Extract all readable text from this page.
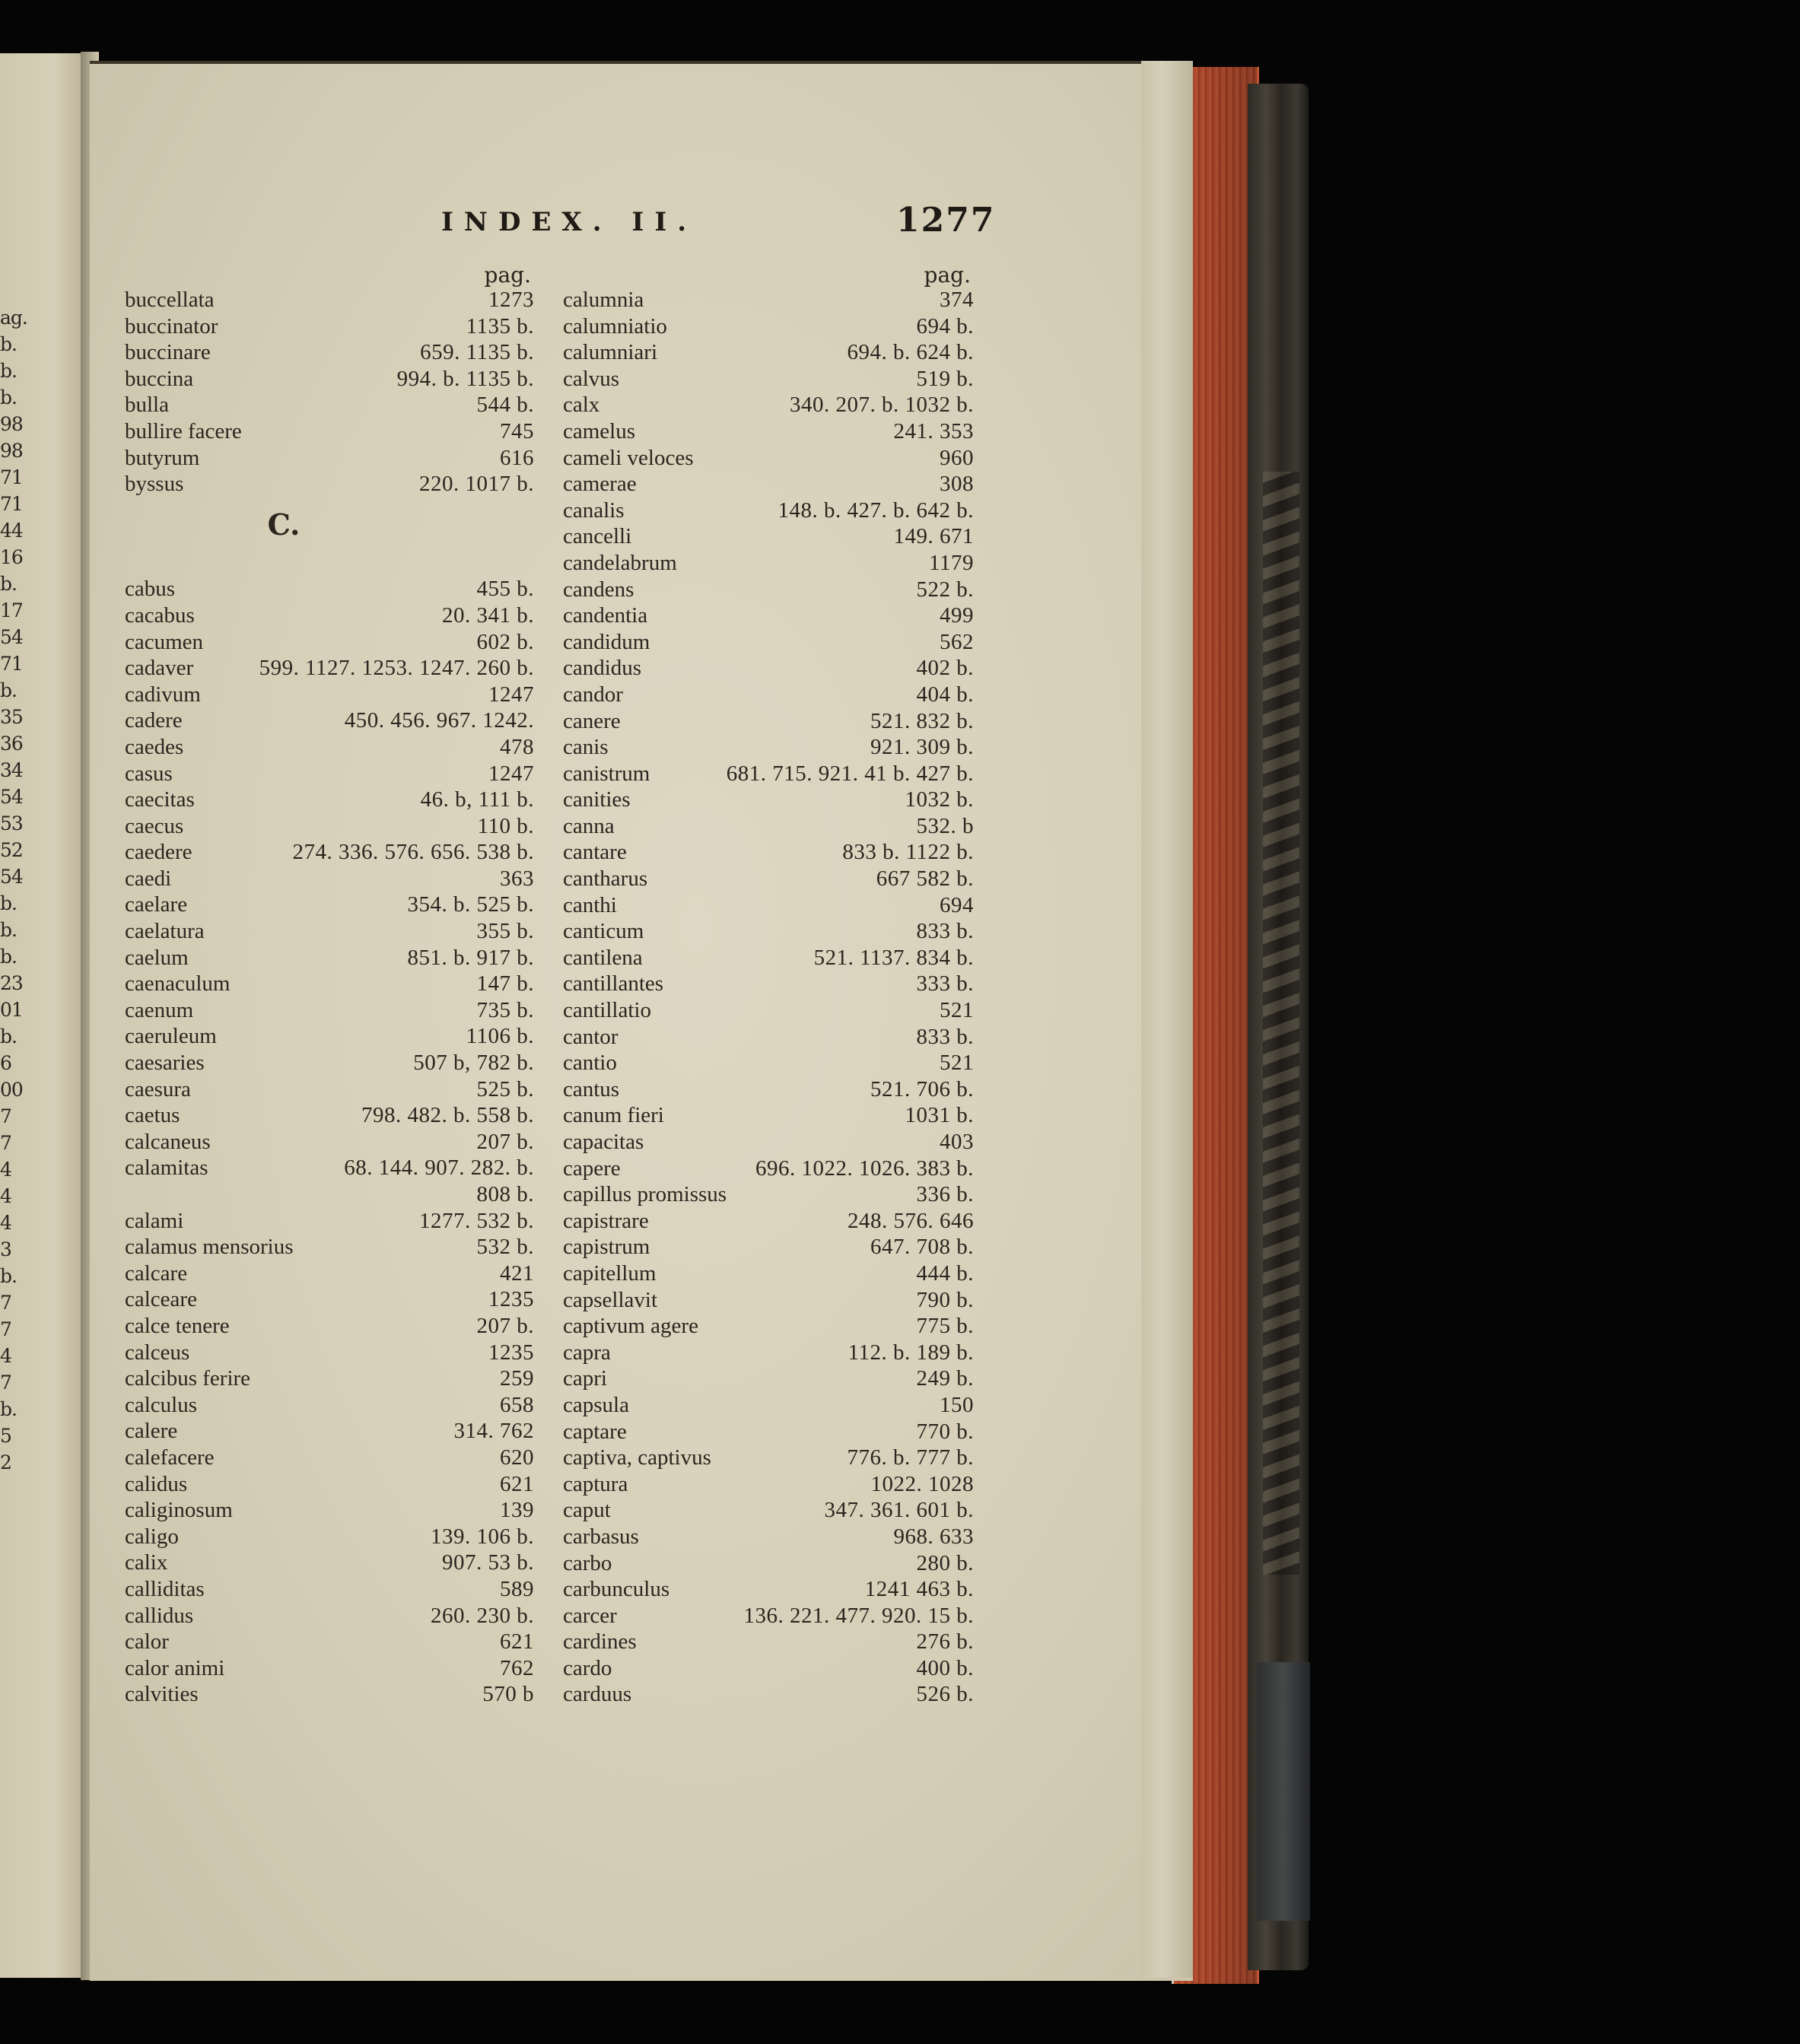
ag.
b.
b.
b.
98
98
71
71
44
16
b.
17
54
71
b.
35
36
34
54
53
52
54
b.
b.
b.
23
01
b.
6
00
7
7
4
4
4
3
b.
7
7
4
7
b.
5
2
INDEX. II.	1277
pag.
buccellata	1273
buccinator	1135 b.
buccinare	659. 1135 b.
buccina	994. b. 1135 b.
bulla	544 b.
bullire facere	745
butyrum	616
byssus	220. 1017 b.
C.
cabus	455 b.
cacabus	20. 341 b.
cacumen	602 b.
cadaver	599. 1127. 1253. 1247. 260 b.
cadivum	1247
cadere	450. 456. 967. 1242.
caedes	478
casus	1247
caecitas	46. b, 111 b.
caecus	110 b.
caedere	274. 336. 576. 656. 538 b.
caedi	363
caelare	354. b. 525 b.
caelatura	355 b.
caelum	851. b. 917 b.
caenaculum	147 b.
caenum	735 b.
caeruleum	1106 b.
caesaries	507 b, 782 b.
caesura	525 b.
caetus	798. 482. b. 558 b.
calcaneus	207 b.
calamitas	68. 144. 907. 282. b.
808 b.
calami	1277. 532 b.
calamus mensorius	532 b.
calcare	421
calceare	1235
calce tenere	207 b.
calceus	1235
calcibus ferire	259
calculus	658
calere	314. 762
calefacere	620
calidus	621
caliginosum	139
caligo	139. 106 b.
calix	907. 53 b.
calliditas	589
callidus	260. 230 b.
calor	621
calor animi	762
calvities	570 b
pag.
calumnia	374
calumniatio	694 b.
calumniari	694. b. 624 b.
calvus	519 b.
calx	340. 207. b. 1032 b.
camelus	241. 353
cameli veloces	960
camerae	308
canalis	148. b. 427. b. 642 b.
cancelli	149. 671
candelabrum	1179
candens	522 b.
candentia	499
candidum	562
candidus	402 b.
candor	404 b.
canere	521. 832 b.
canis	921. 309 b.
canistrum	681. 715. 921. 41 b. 427 b.
canities	1032 b.
canna	532. b
cantare	833 b. 1122 b.
cantharus	667 582 b.
canthi	694
canticum	833 b.
cantilena	521. 1137. 834 b.
cantillantes	333 b.
cantillatio	521
cantor	833 b.
cantio	521
cantus	521. 706 b.
canum fieri	1031 b.
capacitas	403
capere	696. 1022. 1026. 383 b.
capillus promissus	336 b.
capistrare	248. 576. 646
capistrum	647. 708 b.
capitellum	444 b.
capsellavit	790 b.
captivum agere	775 b.
capra	112. b. 189 b.
capri	249 b.
capsula	150
captare	770 b.
captiva, captivus	776. b. 777 b.
captura	1022. 1028
caput	347. 361. 601 b.
carbasus	968. 633
carbo	280 b.
carbunculus	1241 463 b.
carcer	136. 221. 477. 920. 15 b.
cardines	276 b.
cardo	400 b.
carduus	526 b.
